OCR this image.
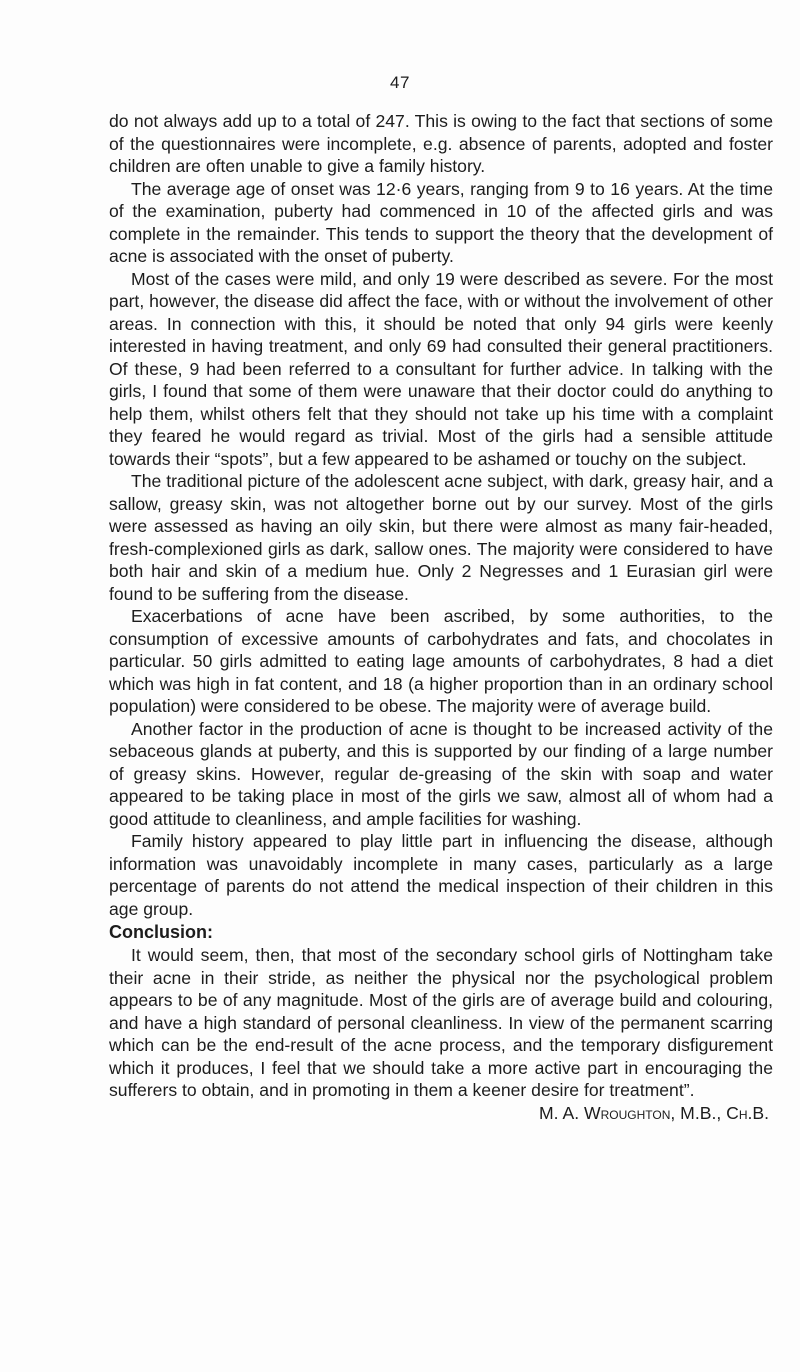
47

do not always add up to a total of 247. This is owing to the fact that sections of some of the questionnaires were incomplete, e.g. absence of parents, adopted and foster children are often unable to give a family history.

The average age of onset was 12·6 years, ranging from 9 to 16 years. At the time of the examination, puberty had commenced in 10 of the affected girls and was complete in the remainder. This tends to support the theory that the development of acne is associated with the onset of puberty.

Most of the cases were mild, and only 19 were described as severe. For the most part, however, the disease did affect the face, with or without the involvement of other areas. In connection with this, it should be noted that only 94 girls were keenly interested in having treatment, and only 69 had consulted their general practitioners. Of these, 9 had been referred to a consultant for further advice. In talking with the girls, I found that some of them were unaware that their doctor could do anything to help them, whilst others felt that they should not take up his time with a complaint they feared he would regard as trivial. Most of the girls had a sensible attitude towards their “spots”, but a few appeared to be ashamed or touchy on the subject.

The traditional picture of the adolescent acne subject, with dark, greasy hair, and a sallow, greasy skin, was not altogether borne out by our survey. Most of the girls were assessed as having an oily skin, but there were almost as many fair-headed, fresh-complexioned girls as dark, sallow ones. The majority were considered to have both hair and skin of a medium hue. Only 2 Negresses and 1 Eurasian girl were found to be suffering from the disease.

Exacerbations of acne have been ascribed, by some authorities, to the consumption of excessive amounts of carbohydrates and fats, and chocolates in particular. 50 girls admitted to eating lage amounts of carbohydrates, 8 had a diet which was high in fat content, and 18 (a higher proportion than in an ordinary school population) were considered to be obese. The majority were of average build.

Another factor in the production of acne is thought to be increased activity of the sebaceous glands at puberty, and this is supported by our finding of a large number of greasy skins. However, regular de-greasing of the skin with soap and water appeared to be taking place in most of the girls we saw, almost all of whom had a good attitude to cleanliness, and ample facilities for washing.

Family history appeared to play little part in influencing the disease, although information was unavoidably incomplete in many cases, particularly as a large percentage of parents do not attend the medical inspection of their children in this age group.

Conclusion:

It would seem, then, that most of the secondary school girls of Nottingham take their acne in their stride, as neither the physical nor the psychological problem appears to be of any magnitude. Most of the girls are of average build and colouring, and have a high standard of personal cleanliness. In view of the permanent scarring which can be the end-result of the acne process, and the temporary disfigurement which it produces, I feel that we should take a more active part in encouraging the sufferers to obtain, and in promoting in them a keener desire for treatment”.

M. A. Wroughton, M.B., Ch.B.
